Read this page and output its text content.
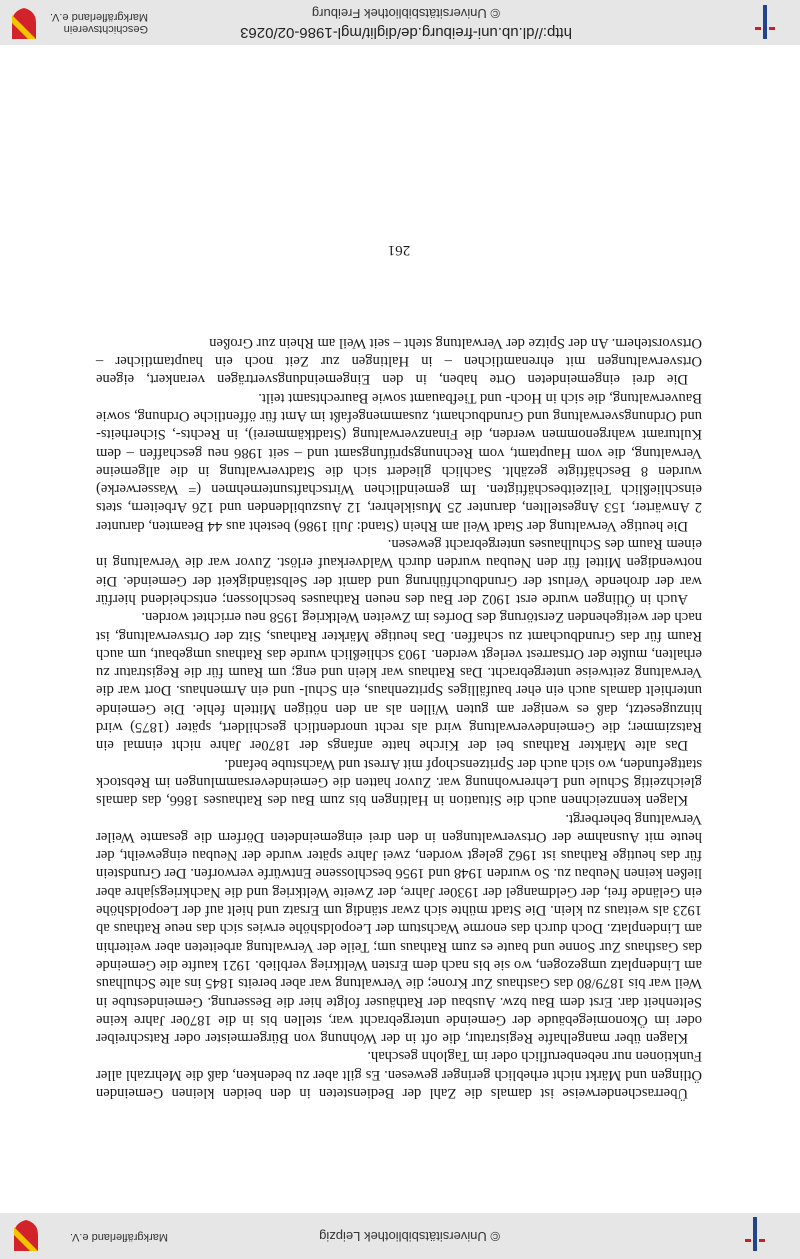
© Universitätsbibliothek Leipzig
Markgräflerland e.V.

Überraschenderweise ist damals die Zahl der Bediensteten in den beiden kleinen Gemeinden Ötlingen und Märkt nicht erheblich geringer gewesen. Es gilt aber zu bedenken, daß die Mehrzahl aller Funktionen nur nebenberuflich oder im Taglohn geschah.

Klagen über mangelhafte Registratur, die oft in der Wohnung von Bürgermeister oder Ratschreiber oder im Ökonomiegebäude der Gemeinde untergebracht war, stellen bis in die 1870er Jahre keine Seltenheit dar. Erst dem Bau bzw. Ausbau der Rathäuser folgte hier die Besserung. Gemeindestube in Weil war bis 1879/80 das Gasthaus Zur Krone; die Verwaltung war aber bereits 1845 ins alte Schulhaus am Lindenplatz umgezogen, wo sie bis nach dem Ersten Weltkrieg verblieb. 1921 kaufte die Gemeinde das Gasthaus Zur Sonne und baute es zum Rathaus um; Teile der Verwaltung arbeiteten aber weiterhin am Lindenplatz. Doch durch das enorme Wachstum der Leopoldshöhe erwies sich das neue Rathaus ab 1923 als weitaus zu klein. Die Stadt mühte sich zwar ständig um Ersatz und hielt auf der Leopoldshöhe ein Gelände frei, der Geldmangel der 1930er Jahre, der Zweite Weltkrieg und die Nachkriegsjahre aber ließen keinen Neubau zu. So wurden 1948 und 1956 beschlossene Entwürfe verworfen. Der Grundstein für das heutige Rathaus ist 1962 gelegt worden, zwei Jahre später wurde der Neubau eingeweiht, der heute mit Ausnahme der Ortsverwaltungen in den drei eingemeindeten Dörfern die gesamte Weiler Verwaltung beherbergt.

Klagen kennzeichnen auch die Situation in Haltingen bis zum Bau des Rathauses 1866, das damals gleichzeitig Schule und Lehrerwohnung war. Zuvor hatten die Gemeindeversammlungen im Rebstock stattgefunden, wo sich auch der Spritzenschopf mit Arrest und Wachstube befand.

Das alte Märkter Rathaus bei der Kirche hatte anfangs der 1870er Jahre nicht einmal ein Ratszimmer; die Gemeindeverwaltung wird als recht unordentlich geschildert, später (1875) wird hinzugesetzt, daß es weniger am guten Willen als an den nötigen Mitteln fehle. Die Gemeinde unterhielt damals auch ein eher baufälliges Spritzenhaus, ein Schul- und ein Armenhaus. Dort war die Verwaltung zeitweise untergebracht. Das Rathaus war klein und eng; um Raum für die Registratur zu erhalten, mußte der Ortsarrest verlegt werden. 1903 schließlich wurde das Rathaus umgebaut, um auch Raum für das Grundbuchamt zu schaffen. Das heutige Märkter Rathaus, Sitz der Ortsverwaltung, ist nach der weitgehenden Zerstörung des Dorfes im Zweiten Weltkrieg 1958 neu errichtet worden.

Auch in Ötlingen wurde erst 1902 der Bau des neuen Rathauses beschlossen; entscheidend hierfür war der drohende Verlust der Grundbuchführung und damit der Selbständigkeit der Gemeinde. Die notwendigen Mittel für den Neubau wurden durch Waldverkauf erlöst. Zuvor war die Verwaltung in einem Raum des Schulhauses untergebracht gewesen.

Die heutige Verwaltung der Stadt Weil am Rhein (Stand: Juli 1986) besteht aus 44 Beamten, darunter 2 Anwärter, 153 Angestellten, darunter 25 Musiklehrer, 12 Auszubildenden und 126 Arbeitern, stets einschließlich Teilzeitbeschäftigten. Im gemeindlichen Wirtschaftsunternehmen (= Wasserwerke) wurden 8 Beschäftigte gezählt. Sachlich gliedert sich die Stadtverwaltung in die allgemeine Verwaltung, die vom Hauptamt, vom Rechnungsprüfungsamt und – seit 1986 neu geschaffen – dem Kulturamt wahrgenommen werden, die Finanzverwaltung (Stadtkämmerei), in Rechts-, Sicherheits- und Ordnungsverwaltung und Grundbuchamt, zusammengefaßt im Amt für öffentliche Ordnung, sowie Bauverwaltung, die sich in Hoch- und Tiefbauamt sowie Baurechtsamt teilt.

Die drei eingemeindeten Orte haben, in den Eingemeindungsverträgen verankert, eigene Ortsverwaltungen mit ehrenamtlichen – in Haltingen zur Zeit noch ein hauptamtlicher – Ortsvorstehern. An der Spitze der Verwaltung steht – seit Weil am Rhein zur Großen

261
http://dl.ub.uni-freiburg.de/diglit/mgl-1986-02/0263
© Universitätsbibliothek Freiburg
Geschichtsverein
Markgräflerland e.V.
